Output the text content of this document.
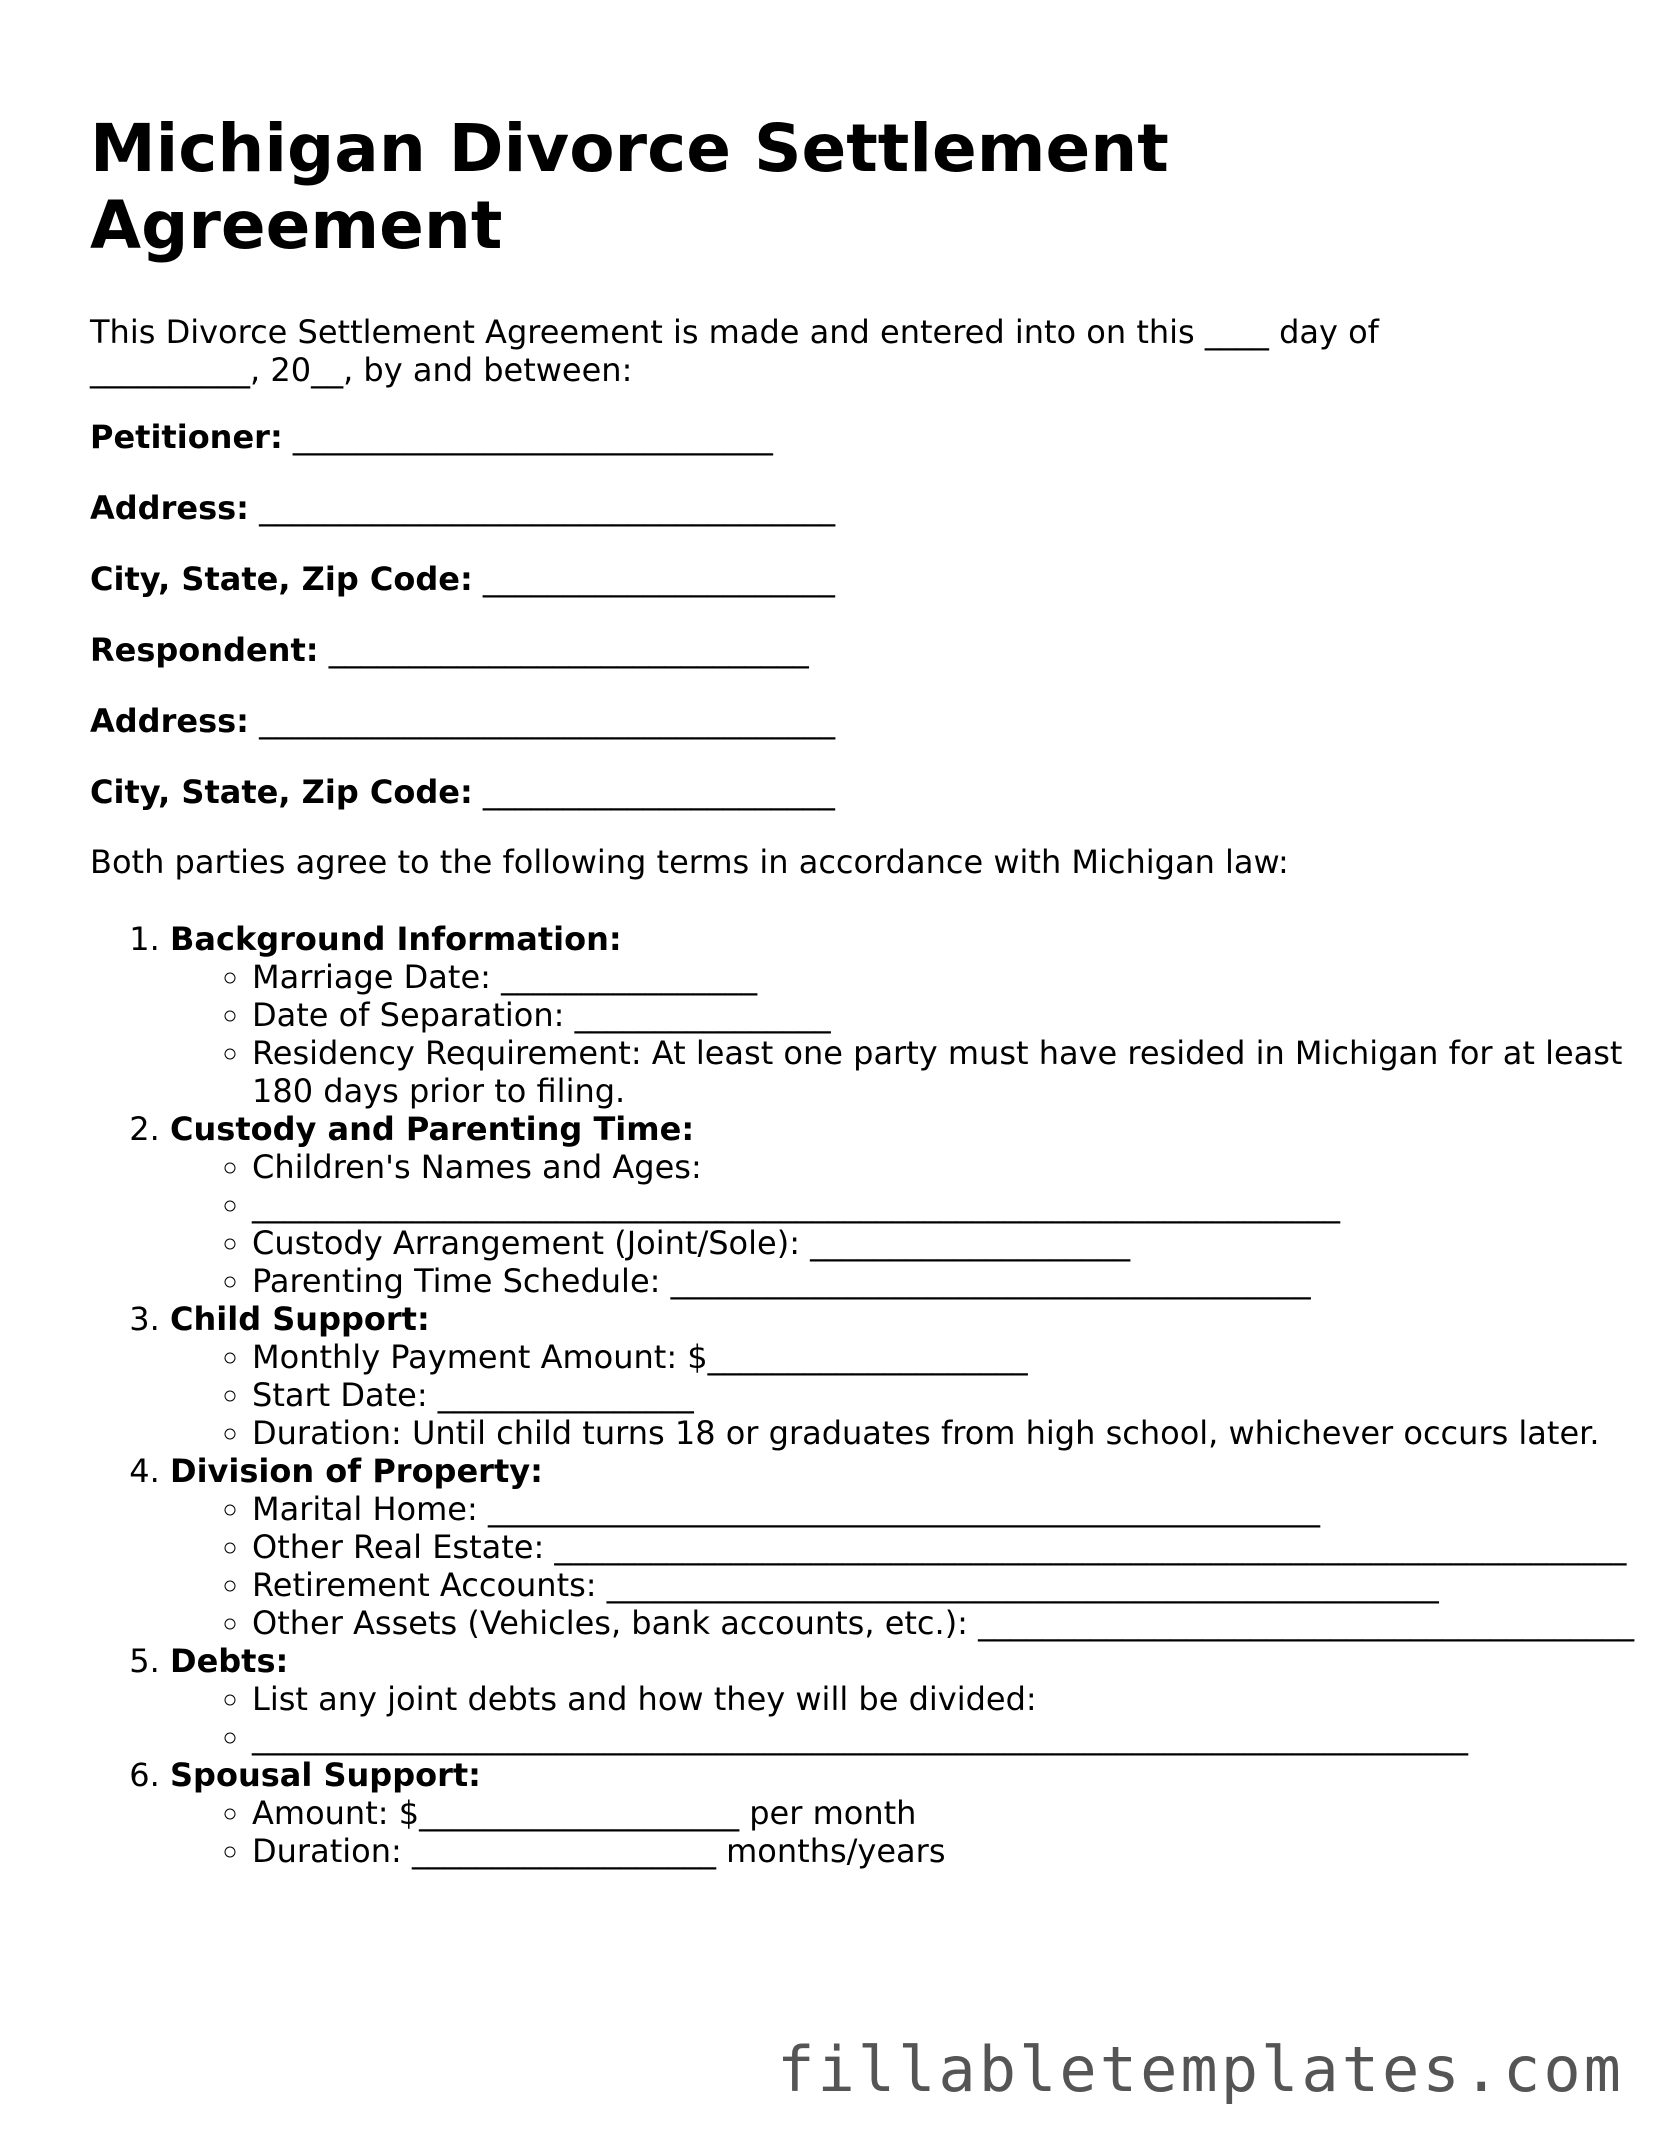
Michigan Divorce Settlement Agreement

This Divorce Settlement Agreement is made and entered into on this ____ day of __________, 20__, by and between:

Petitioner: ______________________________

Address: ____________________________________

City, State, Zip Code: ______________________

Respondent: ______________________________

Address: ____________________________________

City, State, Zip Code: ______________________

Both parties agree to the following terms in accordance with Michigan law:

1. Background Information:
◦ Marriage Date: ________________
◦ Date of Separation: ________________
◦ Residency Requirement: At least one party must have resided in Michigan for at least 180 days prior to filing.
2. Custody and Parenting Time:
◦ Children's Names and Ages:
◦ ____________________________________________________________________
◦ Custody Arrangement (Joint/Sole): ____________________
◦ Parenting Time Schedule: ________________________________________
3. Child Support:
◦ Monthly Payment Amount: $____________________
◦ Start Date: ________________
◦ Duration: Until child turns 18 or graduates from high school, whichever occurs later.
4. Division of Property:
◦ Marital Home: ____________________________________________________
◦ Other Real Estate: ___________________________________________________________________
◦ Retirement Accounts: ____________________________________________________
◦ Other Assets (Vehicles, bank accounts, etc.): _________________________________________
5. Debts:
◦ List any joint debts and how they will be divided:
◦ ____________________________________________________________________________
6. Spousal Support:
◦ Amount: $____________________ per month
◦ Duration: ___________________ months/years

fillabletemplates.com
